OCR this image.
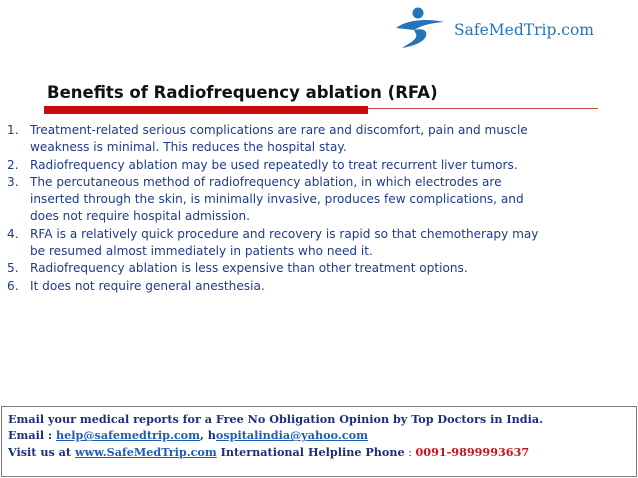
SafeMedTrip.com
Benefits of Radiofrequency ablation (RFA)
1. Treatment-related serious complications are rare and discomfort, pain and muscle
weakness is minimal. This reduces the hospital stay.
2. Radiofrequency ablation may be used repeatedly to treat recurrent liver tumors.
3. The percutaneous method of radiofrequency ablation, in which electrodes are
inserted through the skin, is minimally invasive, produces few complications, and
does not require hospital admission.
4. RFA is a relatively quick procedure and recovery is rapid so that chemotherapy may
be resumed almost immediately in patients who need it.
5. Radiofrequency ablation is less expensive than other treatment options.
6. It does not require general anesthesia.
Email your medical reports for a Free No Obligation Opinion by Top Doctors in India.
Email : help@safemedtrip.com, hospitalindia@yahoo.com
Visit us at www.SafeMedTrip.com International Helpline Phone : 0091-9899993637
